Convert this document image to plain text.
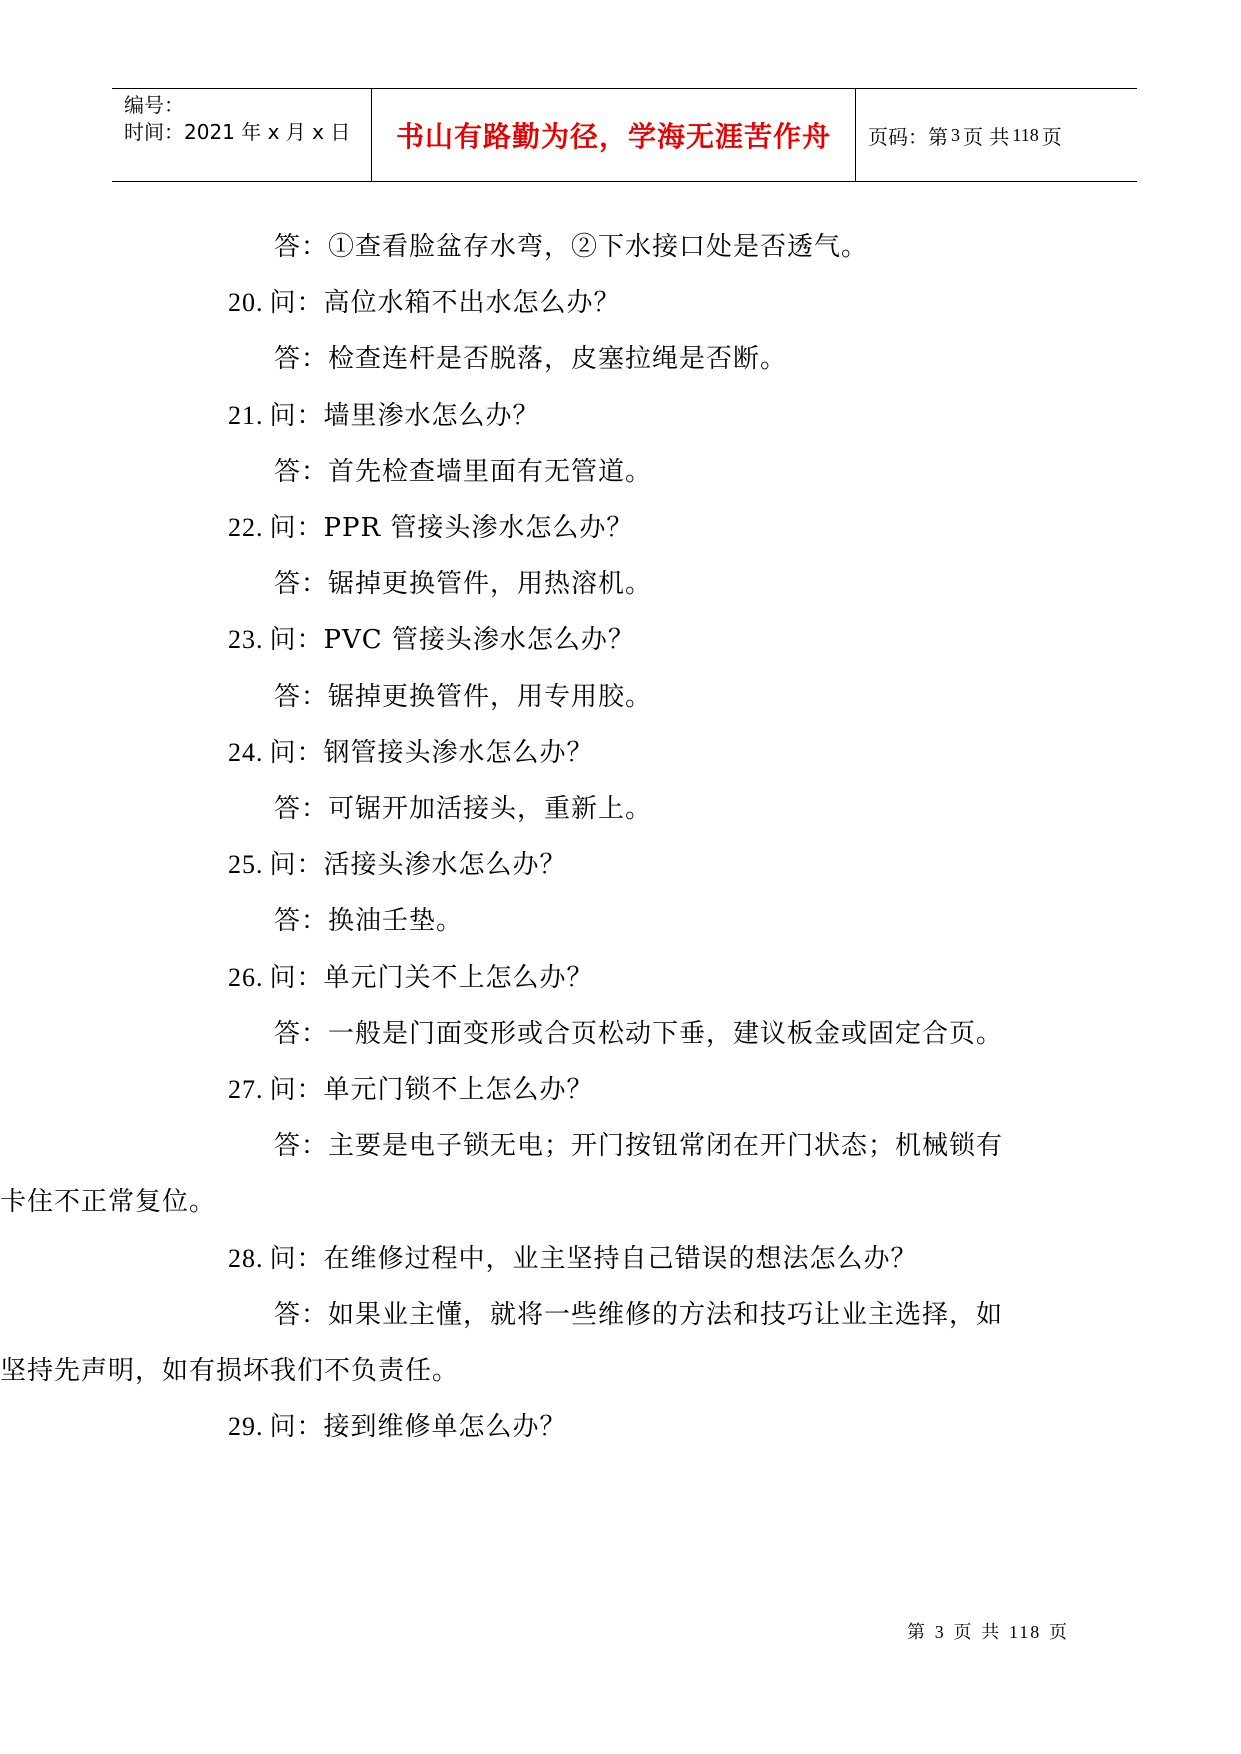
编号：
时间：2021 年 x 月 x 日	书山有路勤为径，学海无涯苦作舟 页码：第 3 页 共 118 页
答：①查看脸盆存水弯，②下水接口处是否透气。
20. 问：高位水箱不出水怎么办？
答：检查连杆是否脱落，皮塞拉绳是否断。
21. 问：墙里渗水怎么办？
答：首先检查墙里面有无管道。
22. 问：PPR 管接头渗水怎么办？
答：锯掉更换管件，用热溶机。
23. 问：PVC 管接头渗水怎么办？
答：锯掉更换管件，用专用胶。
24. 问：钢管接头渗水怎么办？
答：可锯开加活接头，重新上。
25. 问：活接头渗水怎么办？
答：换油壬垫。
26. 问：单元门关不上怎么办？
答：一般是门面变形或合页松动下垂，建议板金或固定合页。
27. 问：单元门锁不上怎么办？
答：主要是电子锁无电；开门按钮常闭在开门状态；机械锁有
卡住不正常复位。
28. 问：在维修过程中，业主坚持自己错误的想法怎么办？
答：如果业主懂，就将一些维修的方法和技巧让业主选择，如
坚持先声明，如有损坏我们不负责任。
29. 问：接到维修单怎么办？
第 3 页 共 118 页
